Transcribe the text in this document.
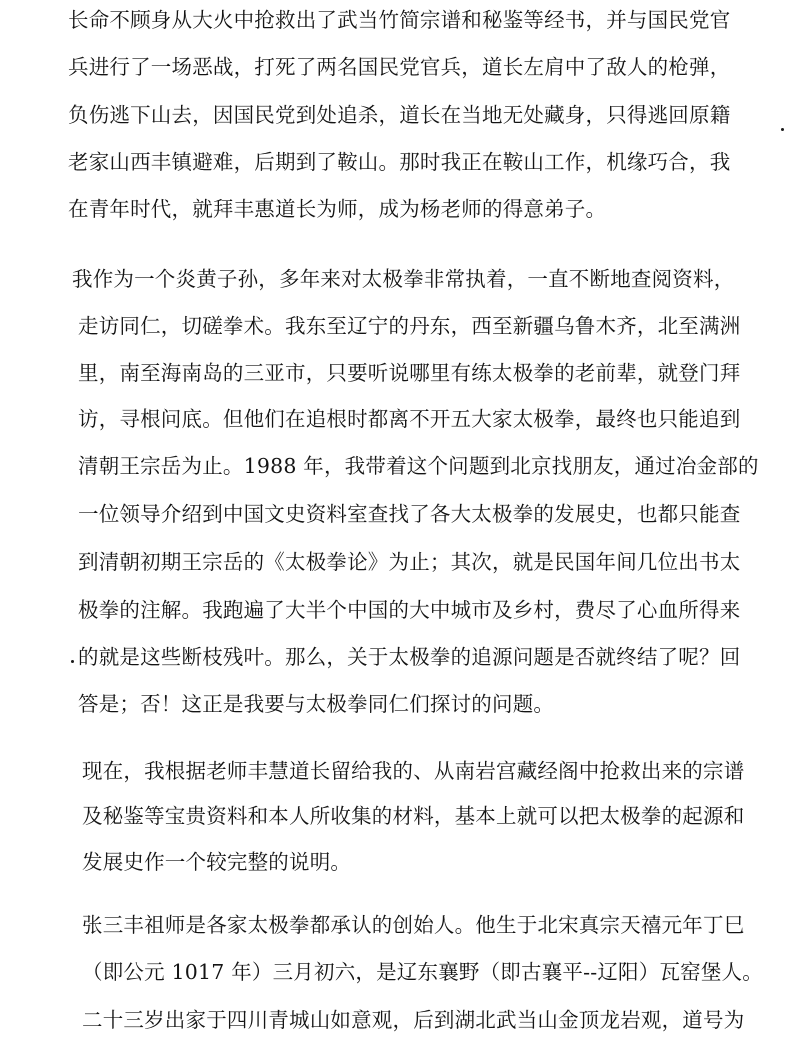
长命不顾身从大火中抢救出了武当竹简宗谱和秘鉴等经书，并与国民党官
兵进行了一场恶战，打死了两名国民党官兵，道长左肩中了敌人的枪弹，
负伤逃下山去，因国民党到处追杀，道长在当地无处藏身，只得逃回原籍
老家山西丰镇避难，后期到了鞍山。那时我正在鞍山工作，机缘巧合，我
在青年时代，就拜丰惠道长为师，成为杨老师的得意弟子。
我作为一个炎黄子孙，多年来对太极拳非常执着，一直不断地查阅资料，
走访同仁，切磋拳术。我东至辽宁的丹东，西至新疆乌鲁木齐，北至满洲
里，南至海南岛的三亚市，只要听说哪里有练太极拳的老前辈，就登门拜
访，寻根问底。但他们在追根时都离不开五大家太极拳，最终也只能追到
清朝王宗岳为止。1988 年，我带着这个问题到北京找朋友，通过冶金部的
一位领导介绍到中国文史资料室查找了各大太极拳的发展史，也都只能查
到清朝初期王宗岳的《太极拳论》为止；其次，就是民国年间几位出书太
极拳的注解。我跑遍了大半个中国的大中城市及乡村，费尽了心血所得来
的就是这些断枝残叶。那么，关于太极拳的追源问题是否就终结了呢？回
答是；否！这正是我要与太极拳同仁们探讨的问题。
现在，我根据老师丰慧道长留给我的、从南岩宫藏经阁中抢救出来的宗谱
及秘鉴等宝贵资料和本人所收集的材料，基本上就可以把太极拳的起源和
发展史作一个较完整的说明。
张三丰祖师是各家太极拳都承认的创始人。他生于北宋真宗天禧元年丁巳
（即公元 1017 年）三月初六，是辽东襄野（即古襄平--辽阳）瓦窑堡人。
二十三岁出家于四川青城山如意观，后到湖北武当山金顶龙岩观，道号为
